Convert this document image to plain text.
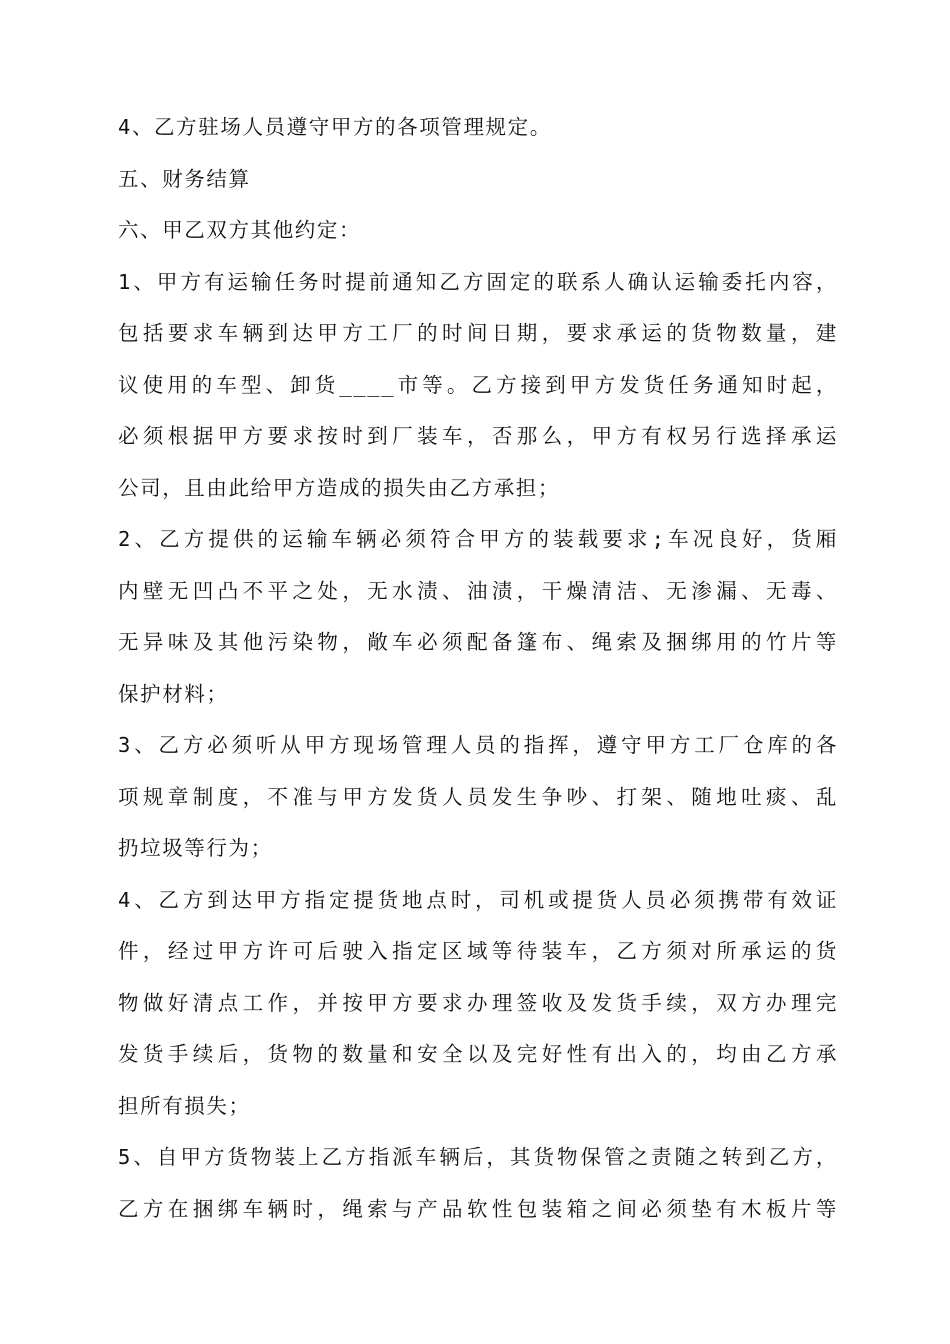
4、乙方驻场人员遵守甲方的各项管理规定。
五、财务结算
六、甲乙双方其他约定：
1、甲方有运输任务时提前通知乙方固定的联系人确认运输委托内容，
包括要求车辆到达甲方工厂的时间日期，要求承运的货物数量，建
议使用的车型、卸货____市等。乙方接到甲方发货任务通知时起，
必须根据甲方要求按时到厂装车，否那么，甲方有权另行选择承运
公司，且由此给甲方造成的损失由乙方承担；
2、乙方提供的运输车辆必须符合甲方的装载要求;车况良好，货厢
内壁无凹凸不平之处，无水渍、油渍，干燥清洁、无渗漏、无毒、
无异味及其他污染物，敞车必须配备篷布、绳索及捆绑用的竹片等
保护材料；
3、乙方必须听从甲方现场管理人员的指挥，遵守甲方工厂仓库的各
项规章制度，不准与甲方发货人员发生争吵、打架、随地吐痰、乱
扔垃圾等行为；
4、乙方到达甲方指定提货地点时，司机或提货人员必须携带有效证
件，经过甲方许可后驶入指定区域等待装车，乙方须对所承运的货
物做好清点工作，并按甲方要求办理签收及发货手续，双方办理完
发货手续后，货物的数量和安全以及完好性有出入的，均由乙方承
担所有损失；
5、自甲方货物装上乙方指派车辆后，其货物保管之责随之转到乙方，
乙方在捆绑车辆时，绳索与产品软性包装箱之间必须垫有木板片等
